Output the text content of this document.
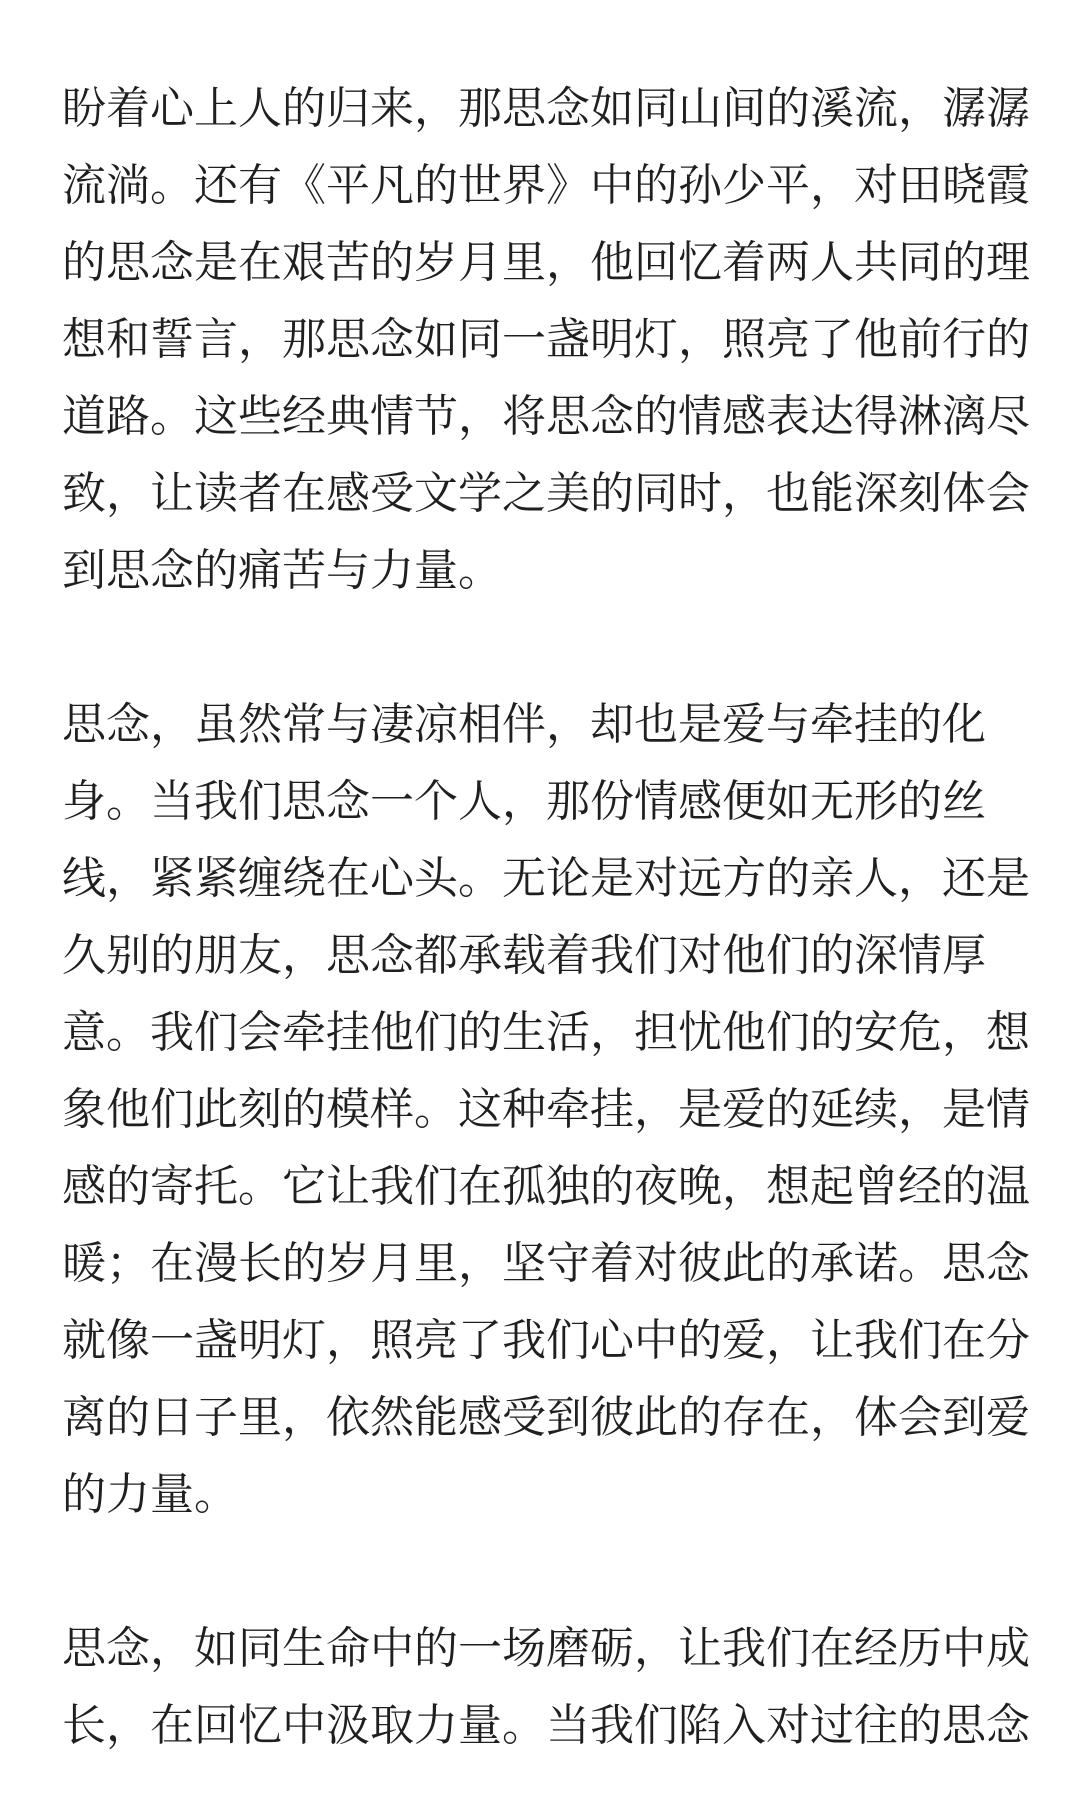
盼着心上人的归来，那思念如同山间的溪流，潺潺
流淌。还有《平凡的世界》中的孙少平，对田晓霞
的思念是在艰苦的岁月里，他回忆着两人共同的理
想和誓言，那思念如同一盏明灯，照亮了他前行的
道路。这些经典情节，将思念的情感表达得淋漓尽
致，让读者在感受文学之美的同时，也能深刻体会
到思念的痛苦与力量。
思念，虽然常与凄凉相伴，却也是爱与牵挂的化
身。当我们思念一个人，那份情感便如无形的丝
线，紧紧缠绕在心头。无论是对远方的亲人，还是
久别的朋友，思念都承载着我们对他们的深情厚
意。我们会牵挂他们的生活，担忧他们的安危，想
象他们此刻的模样。这种牵挂，是爱的延续，是情
感的寄托。它让我们在孤独的夜晚，想起曾经的温
暖；在漫长的岁月里，坚守着对彼此的承诺。思念
就像一盏明灯，照亮了我们心中的爱，让我们在分
离的日子里，依然能感受到彼此的存在，体会到爱
的力量。
思念，如同生命中的一场磨砺，让我们在经历中成
长，在回忆中汲取力量。当我们陷入对过往的思念
